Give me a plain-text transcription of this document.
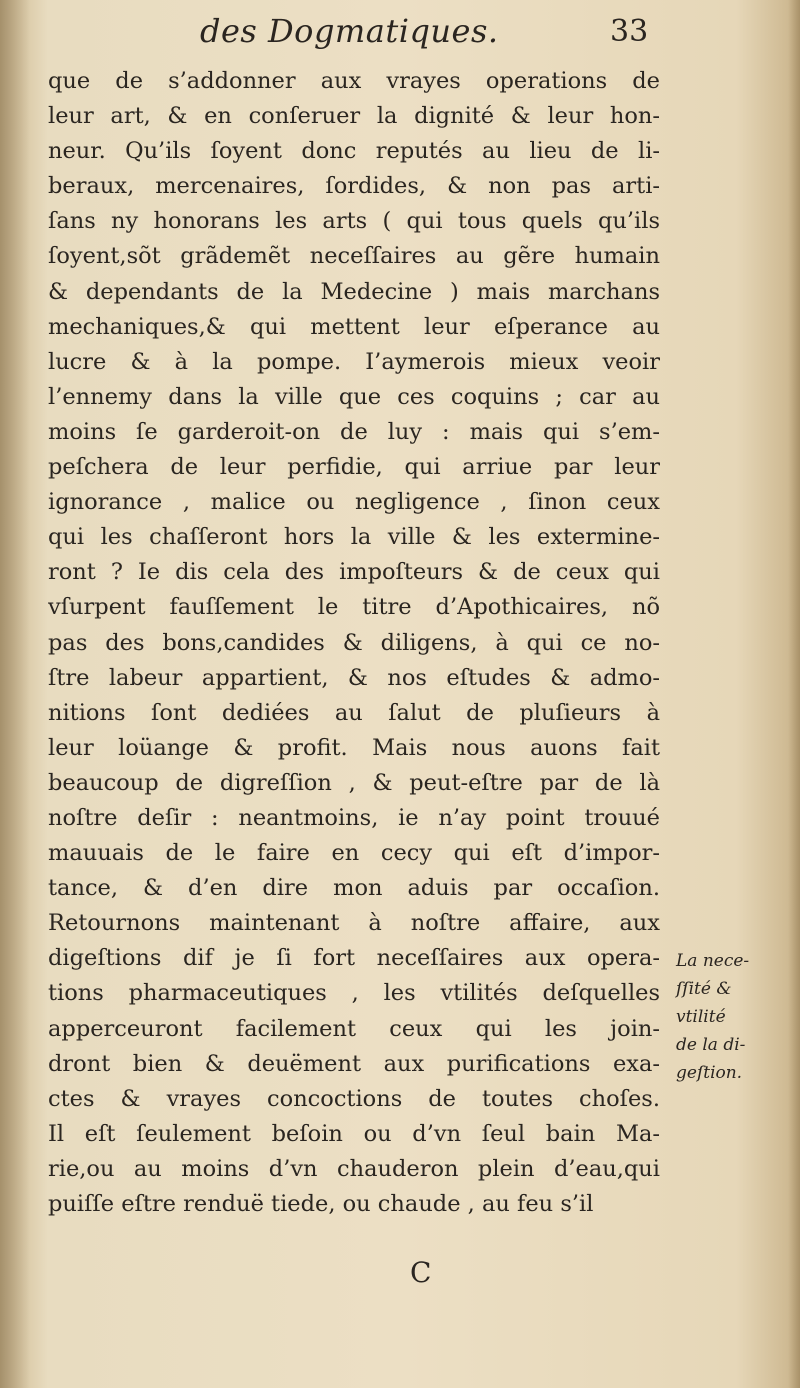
des Dogmatiques.	33
que de s’addonner aux vrayes operations de
leur art, & en conſeruer la dignité & leur hon-
neur. Qu’ils ſoyent donc reputés au lieu de li-
beraux, mercenaires, ſordides, & non pas arti-
ſans ny honorans les arts ( qui tous quels qu’ils
ſoyent,sõt grãdemẽt neceſſaires au gẽre humain
& dependants de la Medecine ) mais marchans
mechaniques,& qui mettent leur eſperance au
lucre & à la pompe. I’aymerois mieux veoir
l’ennemy dans la ville que ces coquins ; car au
moins ſe garderoit-on de luy : mais qui s’em-
peſchera de leur perfidie, qui arriue par leur
ignorance , malice ou negligence , ſinon ceux
qui les chaſſeront hors la ville & les extermine-
ront ? Ie dis cela des impoſteurs & de ceux qui
vſurpent fauſſement le titre d’Apothicaires, nõ
pas des bons,candides & diligens, à qui ce no-
ſtre labeur appartient, & nos eſtudes & admo-
nitions ſont dediées au ſalut de pluſieurs à
leur loüange & profit. Mais nous auons fait
beaucoup de digreſſion , & peut-eſtre par de là
noſtre deſir : neantmoins, ie n’ay point trouué
mauuais de le faire en cecy qui eſt d’impor-
tance, & d’en dire mon aduis par occaſion.
Retournons maintenant à noſtre affaire, aux
digeſtions dif je ſi fort neceſſaires aux opera-
tions pharmaceutiques , les vtilités deſquelles
apperceuront facilement ceux qui les join-
dront bien & deuëment aux purifications exa-
ctes & vrayes concoctions de toutes choſes.
Il eſt ſeulement beſoin ou d’vn ſeul bain Ma-
rie,ou au moins d’vn chauderon plein d’eau,qui
puiſſe eſtre renduë tiede, ou chaude , au feu s’il
La nece-
ſſité &
vtilité
de la di-
geſtion.
C
